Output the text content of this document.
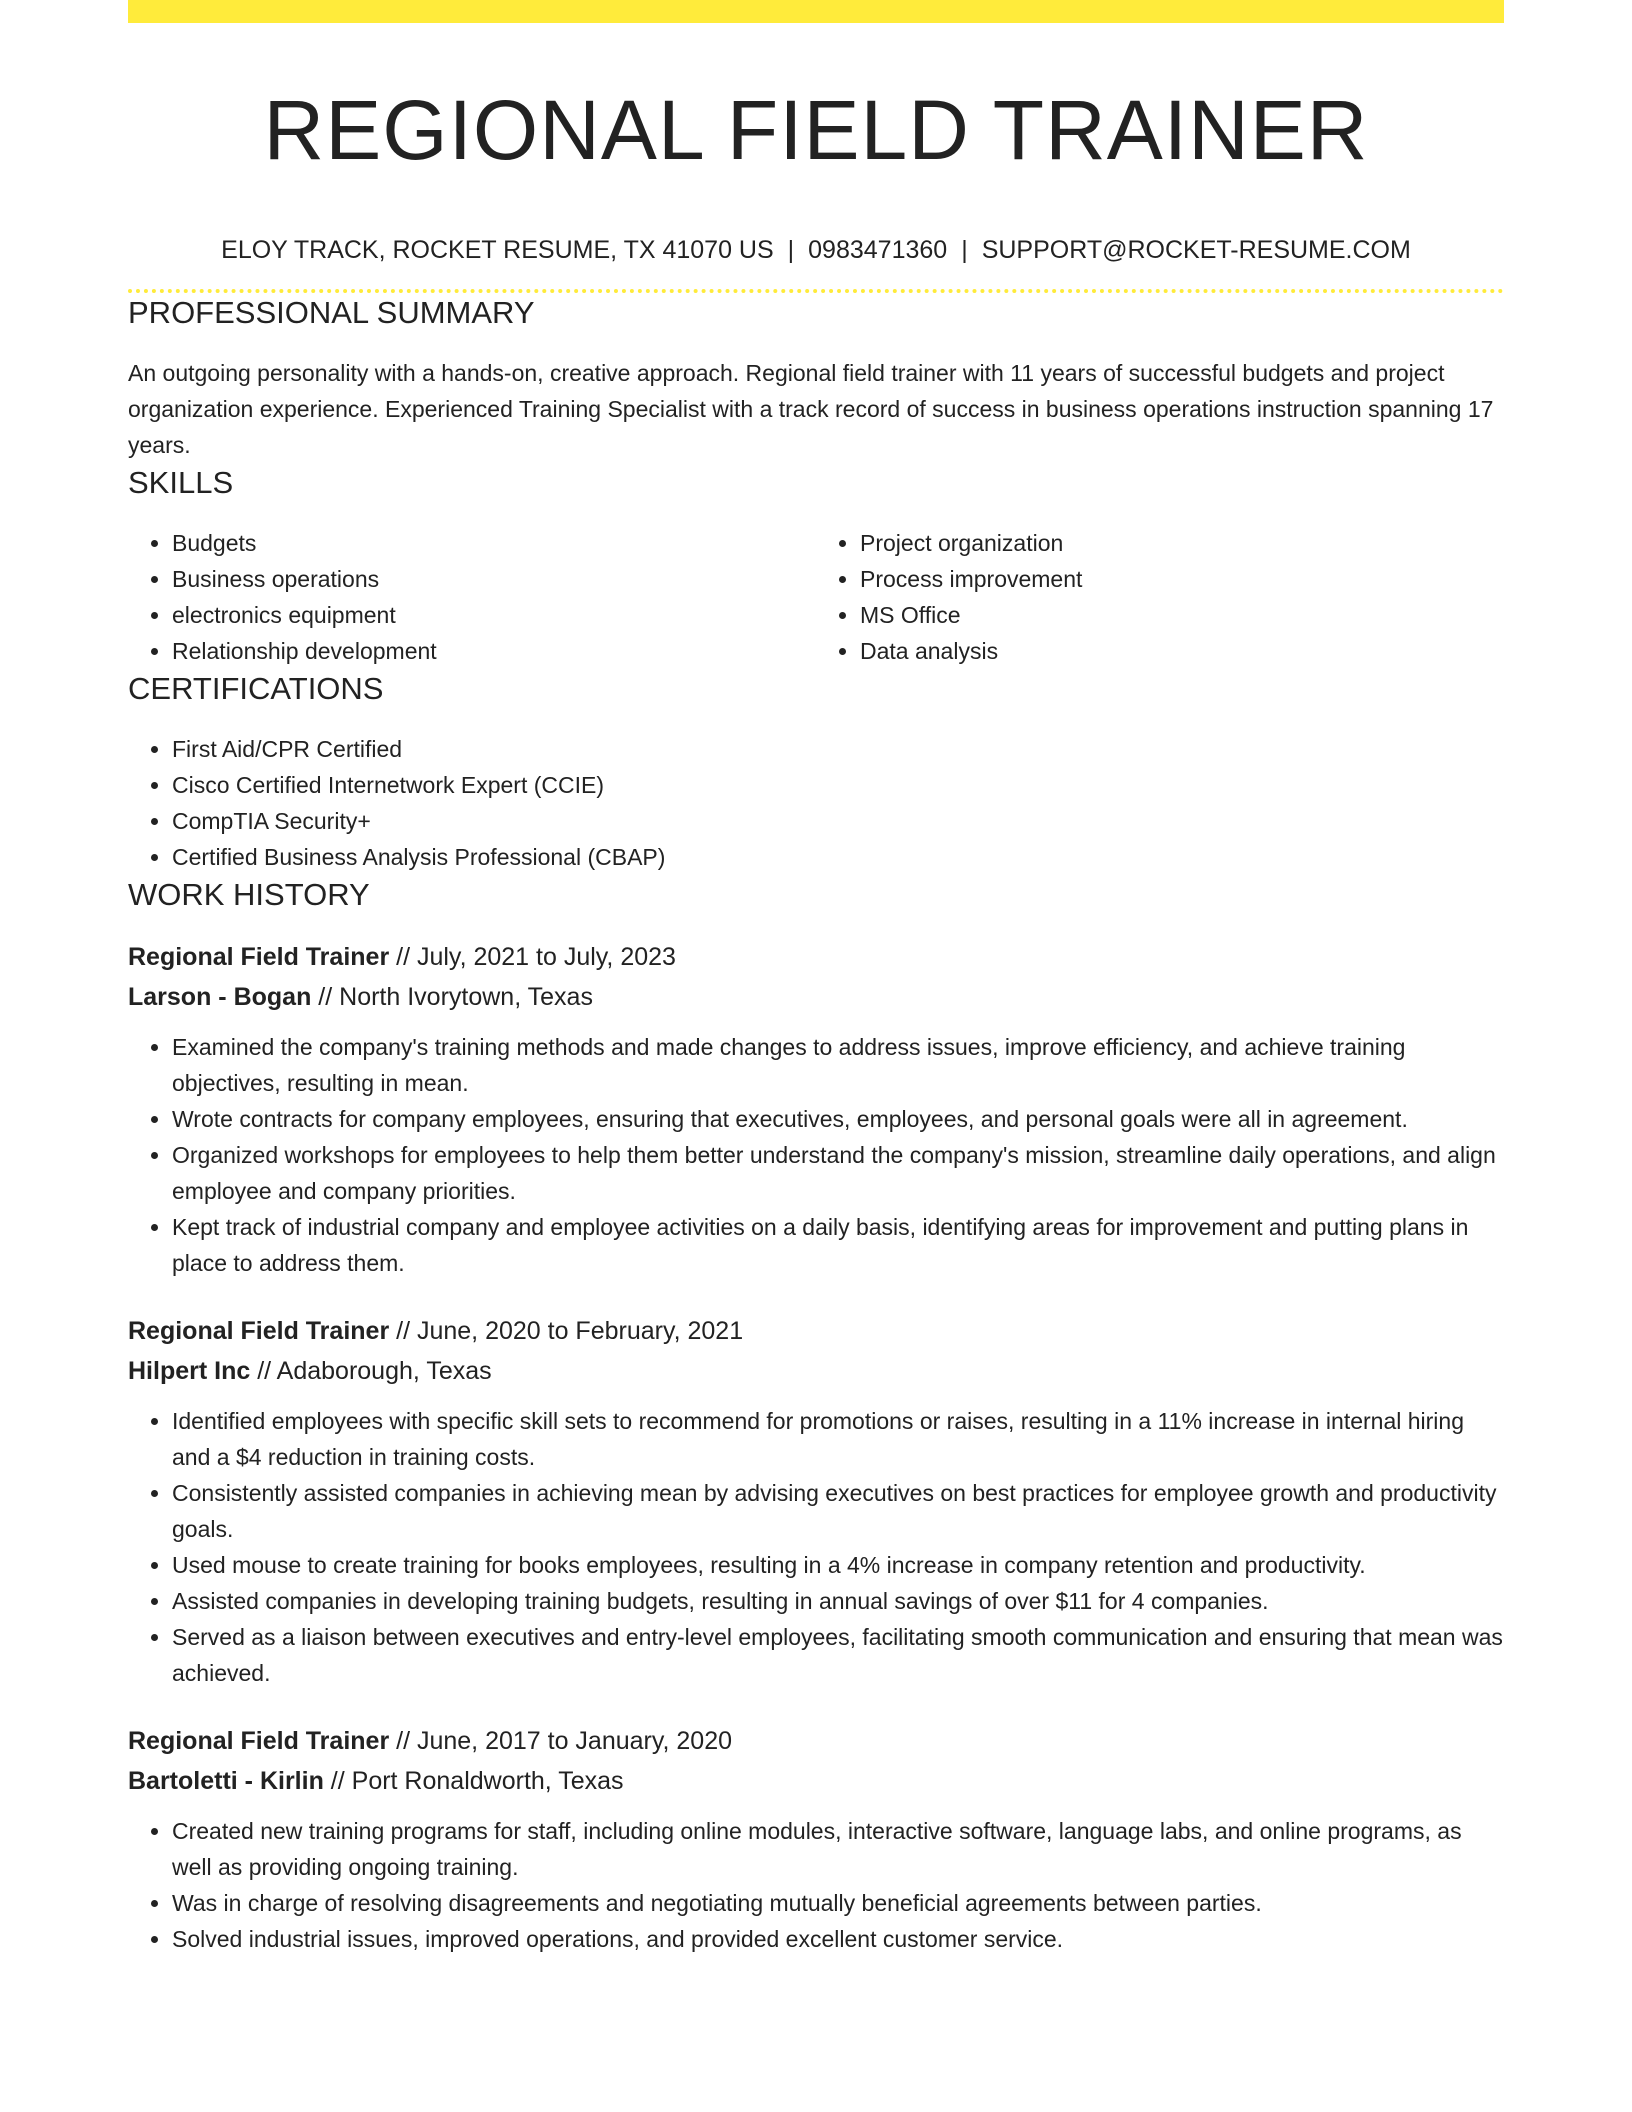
REGIONAL FIELD TRAINER
ELOY TRACK, ROCKET RESUME, TX 41070 US | 0983471360 | SUPPORT@ROCKET-RESUME.COM
PROFESSIONAL SUMMARY

An outgoing personality with a hands-on, creative approach. Regional field trainer with 11 years of successful budgets and project organization experience. Experienced Training Specialist with a track record of success in business operations instruction spanning 17 years.

SKILLS
• Budgets
• Business operations
• electronics equipment
• Relationship development
• Project organization
• Process improvement
• MS Office
• Data analysis
CERTIFICATIONS
• First Aid/CPR Certified
• Cisco Certified Internetwork Expert (CCIE)
• CompTIA Security+
• Certified Business Analysis Professional (CBAP)
WORK HISTORY
Regional Field Trainer // July, 2021 to July, 2023
Larson - Bogan // North Ivorytown, Texas
• Examined the company's training methods and made changes to address issues, improve efficiency, and achieve training objectives, resulting in mean.
• Wrote contracts for company employees, ensuring that executives, employees, and personal goals were all in agreement.
• Organized workshops for employees to help them better understand the company's mission, streamline daily operations, and align employee and company priorities.
• Kept track of industrial company and employee activities on a daily basis, identifying areas for improvement and putting plans in place to address them.
Regional Field Trainer // June, 2020 to February, 2021
Hilpert Inc // Adaborough, Texas
• Identified employees with specific skill sets to recommend for promotions or raises, resulting in a 11% increase in internal hiring and a $4 reduction in training costs.
• Consistently assisted companies in achieving mean by advising executives on best practices for employee growth and productivity goals.
• Used mouse to create training for books employees, resulting in a 4% increase in company retention and productivity.
• Assisted companies in developing training budgets, resulting in annual savings of over $11 for 4 companies.
• Served as a liaison between executives and entry-level employees, facilitating smooth communication and ensuring that mean was achieved.
Regional Field Trainer // June, 2017 to January, 2020
Bartoletti - Kirlin // Port Ronaldworth, Texas
• Created new training programs for staff, including online modules, interactive software, language labs, and online programs, as well as providing ongoing training.
• Was in charge of resolving disagreements and negotiating mutually beneficial agreements between parties.
• Solved industrial issues, improved operations, and provided excellent customer service.
